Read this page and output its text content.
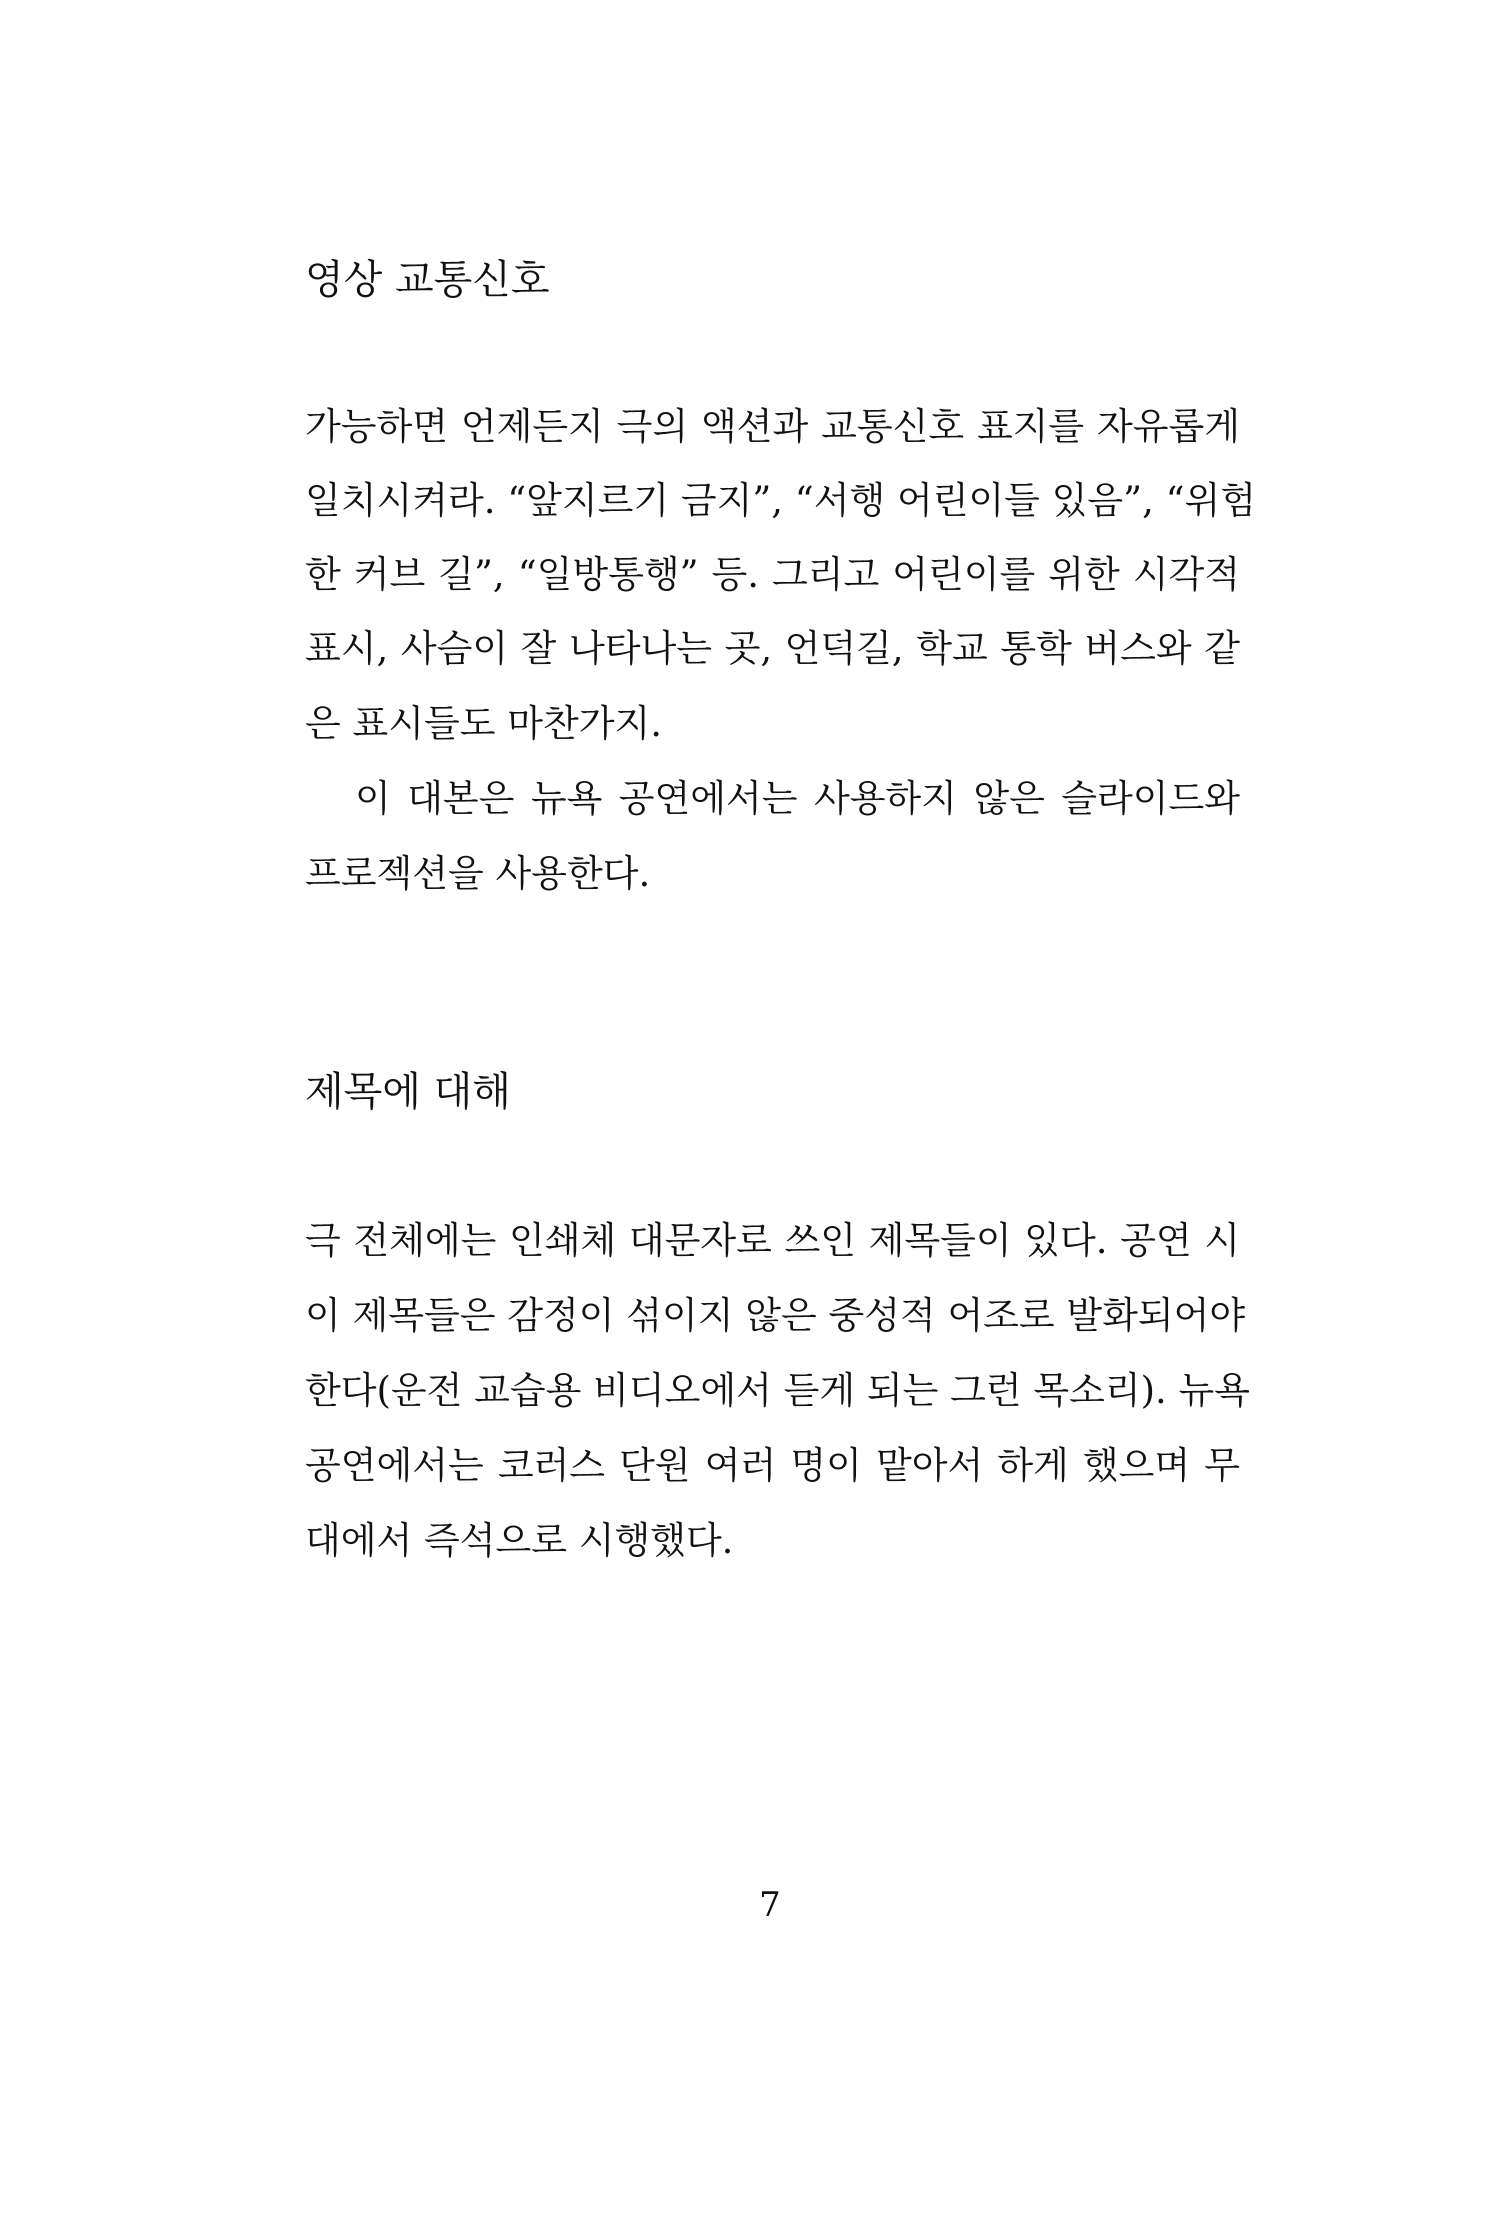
영상 교통신호
가능하면 언제든지 극의 액션과 교통신호 표지를 자유롭게
일치시켜라. “앞지르기 금지”, “서행 어린이들 있음”, “위험
한 커브 길”, “일방통행” 등. 그리고 어린이를 위한 시각적
표시, 사슴이 잘 나타나는 곳, 언덕길, 학교 통학 버스와 같
은 표시들도 마찬가지.
이 대본은 뉴욕 공연에서는 사용하지 않은 슬라이드와
프로젝션을 사용한다.
제목에 대해
극 전체에는 인쇄체 대문자로 쓰인 제목들이 있다. 공연 시
이 제목들은 감정이 섞이지 않은 중성적 어조로 발화되어야
한다(운전 교습용 비디오에서 듣게 되는 그런 목소리). 뉴욕
공연에서는 코러스 단원 여러 명이 맡아서 하게 했으며 무
대에서 즉석으로 시행했다.
7
